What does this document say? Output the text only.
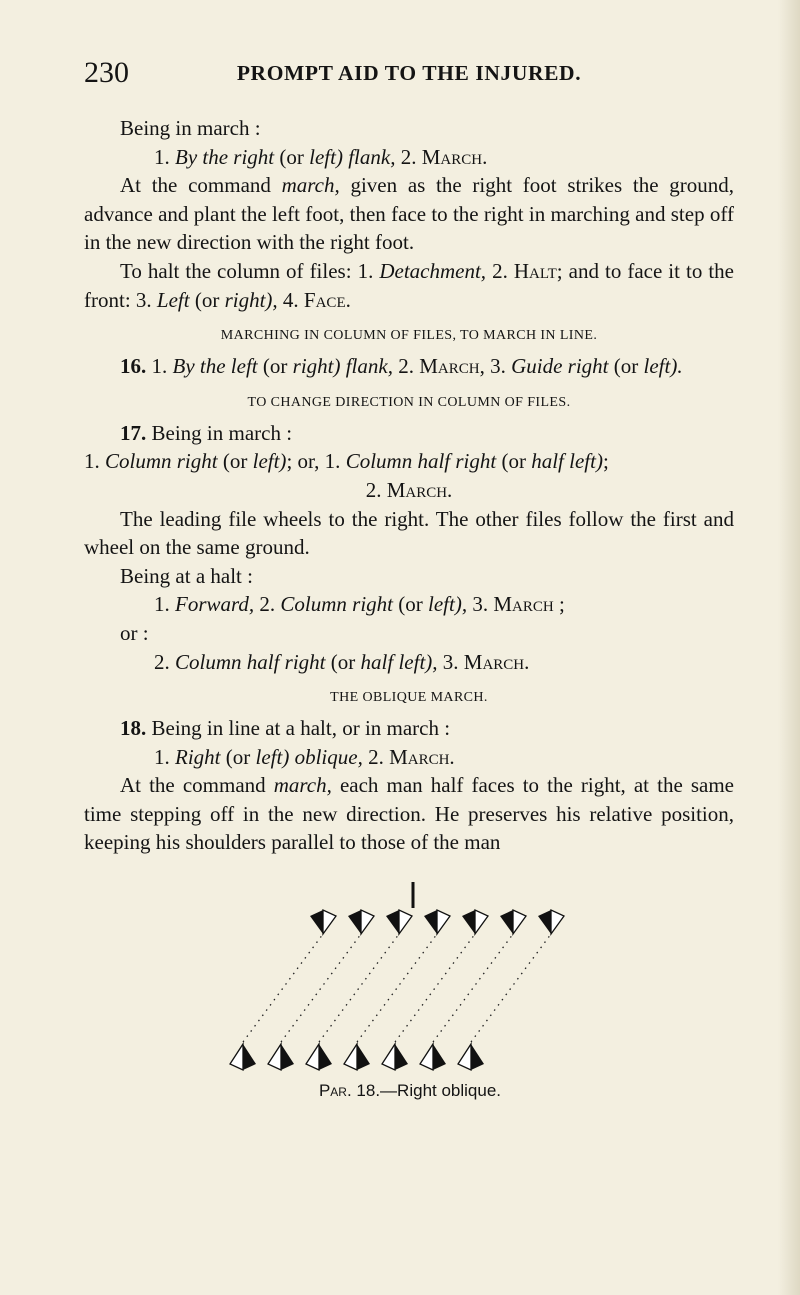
230	PROMPT AID TO THE INJURED.

Being in march :

1. By the right (or left) flank, 2. March.

At the command march, given as the right foot strikes the ground, advance and plant the left foot, then face to the right in marching and step off in the new direction with the right foot.

To halt the column of files: 1. Detachment, 2. Halt; and to face it to the front: 3. Left (or right), 4. Face.

MARCHING IN COLUMN OF FILES, TO MARCH IN LINE.

16. 1. By the left (or right) flank, 2. March, 3. Guide right (or left).

TO CHANGE DIRECTION IN COLUMN OF FILES.

17. Being in march :

1. Column right (or left); or, 1. Column half right (or half left);

2. March.

The leading file wheels to the right. The other files follow the first and wheel on the same ground.

Being at a halt :

1. Forward, 2. Column right (or left), 3. March ;

or :

2. Column half right (or half left), 3. March.

THE OBLIQUE MARCH.

18. Being in line at a halt, or in march :

1. Right (or left) oblique, 2. March.

At the command march, each man half faces to the right, at the same time stepping off in the new direction. He preserves his relative position, keeping his shoulders parallel to those of the man

Par. 18.—Right oblique.
